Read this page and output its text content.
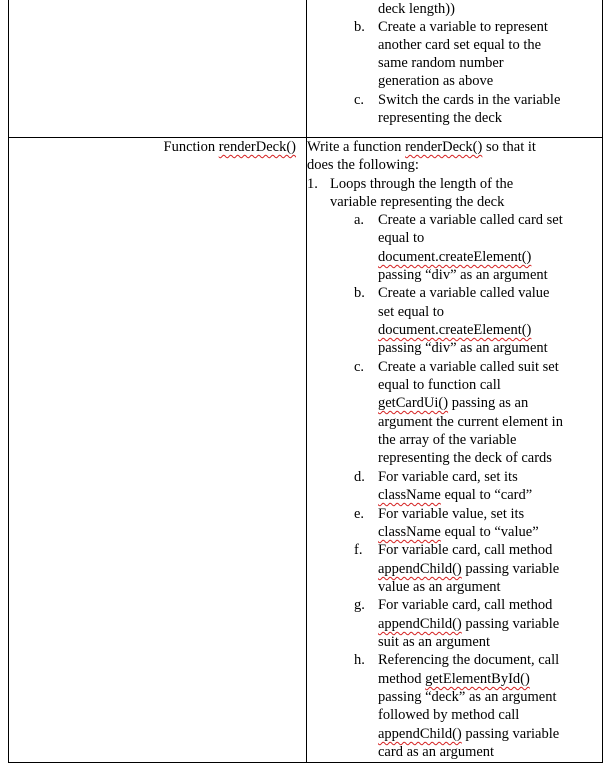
deck length))
b. Create a variable to represent
another card set equal to the
same random number
generation as above
c. Switch the cards in the variable
representing the deck
Function renderDeck() Write a function renderDeck() so that it
does the following:
1. Loops through the length of the
variable representing the deck
a. Create a variable called card set
equal to
document.createElement()
passing “div” as an argument
b. Create a variable called value
set equal to
document.createElement()
passing “div” as an argument
c. Create a variable called suit set
equal to function call
getCardUi() passing as an
argument the current element in
the array of the variable
representing the deck of cards
d. For variable card, set its
className equal to “card”
e. For variable value, set its
className equal to “value”
f. For variable card, call method
appendChild() passing variable
value as an argument
g. For variable card, call method
appendChild() passing variable
suit as an argument
h. Referencing the document, call
method getElementById()
passing “deck” as an argument
followed by method call
appendChild() passing variable
card as an argument
